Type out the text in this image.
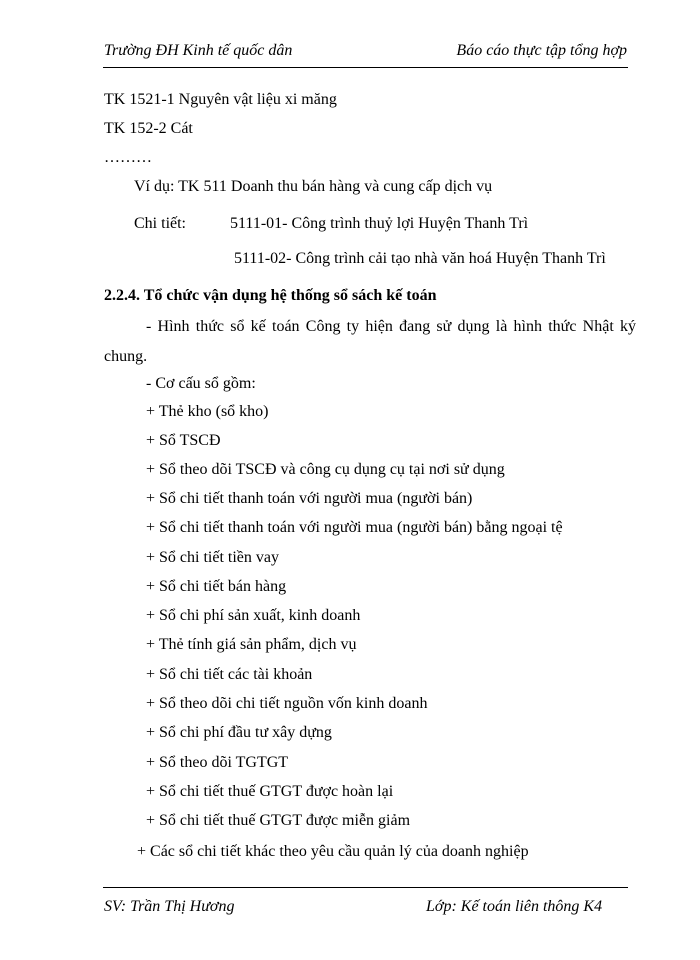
Trường ĐH Kinh tế quốc dân	Báo cáo thực tập tổng hợp
TK 1521-1 Nguyên vật liệu xi măng
TK 152-2 Cát
………
Ví dụ: TK 511 Doanh thu bán hàng và cung cấp dịch vụ
Chi tiết:	5111-01- Công trình thuỷ lợi Huyện Thanh Trì
5111-02- Công trình cải tạo nhà văn hoá Huyện Thanh Trì
2.2.4. Tổ chức vận dụng hệ thống sổ sách kế toán
- Hình thức sổ kế toán Công ty hiện đang sử dụng là hình thức Nhật ký chung.
- Cơ cấu sổ gồm:
+ Thẻ kho (sổ kho)
+ Sổ TSCĐ
+ Sổ theo dõi TSCĐ và công cụ dụng cụ tại nơi sử dụng
+ Sổ chi tiết thanh toán với người mua (người bán)
+ Sổ chi tiết thanh toán với người mua (người bán) bằng ngoại tệ
+ Sổ chi tiết tiền vay
+ Sổ chi tiết bán hàng
+ Sổ chi phí sản xuất, kinh doanh
+ Thẻ tính giá sản phẩm, dịch vụ
+ Sổ chi tiết các tài khoản
+ Sổ theo dõi chi tiết nguồn vốn kinh doanh
+ Sổ chi phí đầu tư xây dựng
+ Sổ theo dõi TGTGT
+ Sổ chi tiết thuế GTGT được hoàn lại
+ Sổ chi tiết thuế GTGT được miễn giảm
+ Các sổ chi tiết khác theo yêu cầu quản lý của doanh nghiệp
SV: Trần Thị Hương	Lớp: Kế toán liên thông K4
